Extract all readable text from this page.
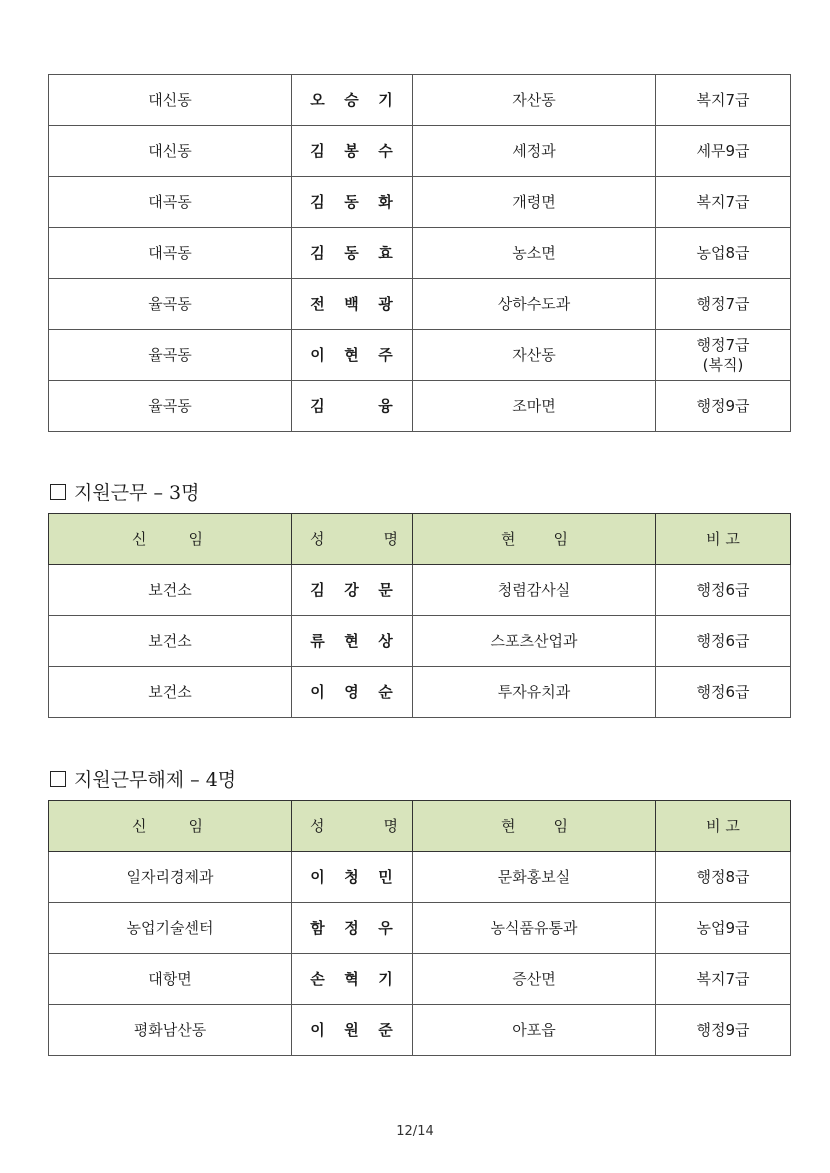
대신동	오 승 기	자산동	복지7급
대신동	김 봉 수	세정과	세무9급
대곡동	김 동 화	개령면	복지7급
대곡동	김 동 효	농소면	농업8급
율곡동	전 백 광	상하수도과	행정7급
율곡동	이 현 주	자산동	행정7급
(복직)
율곡동	김 융	조마면	행정9급
지원근무 – 3명
신 임	성 명	현 임	비 고
보건소	김 강 문	청렴감사실	행정6급
보건소	류 현 상	스포츠산업과	행정6급
보건소	이 영 순	투자유치과	행정6급
지원근무해제 – 4명
신 임	성 명	현 임	비 고
일자리경제과	이 청 민	문화홍보실	행정8급
농업기술센터	함 정 우	농식품유통과	농업9급
대항면	손 혁 기	증산면	복지7급
평화남산동	이 원 준	아포읍	행정9급
12/14
